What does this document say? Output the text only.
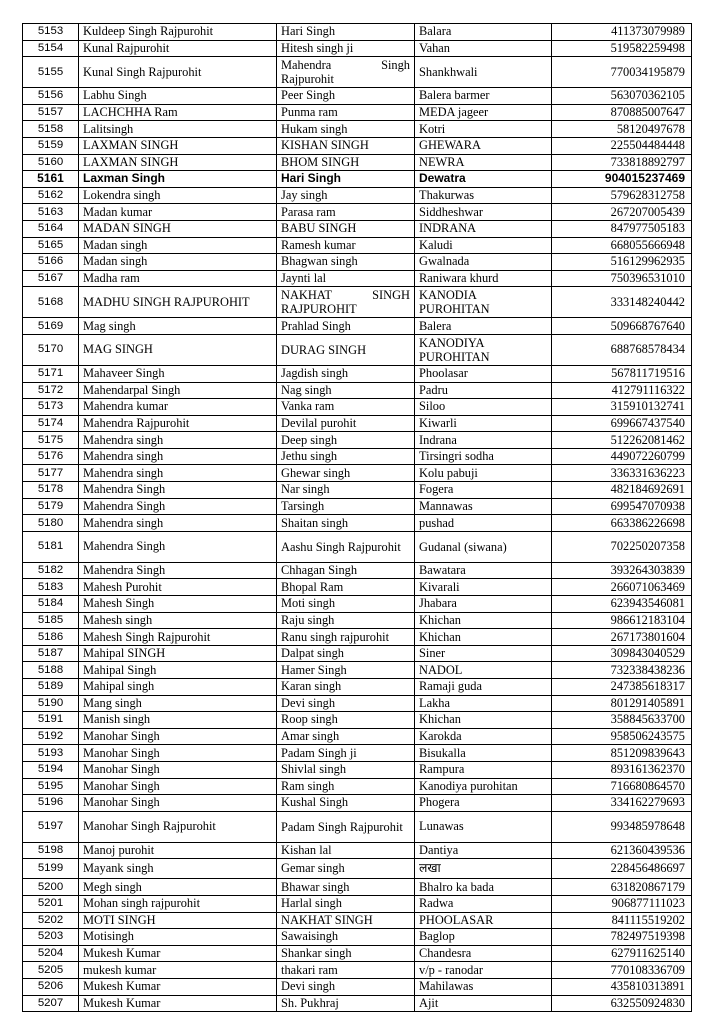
5153	Kuldeep Singh Rajpurohit	Hari Singh	Balara	411373079989
5154	Kunal Rajpurohit	Hitesh singh ji	Vahan	519582259498
5155	Kunal Singh Rajpurohit	Mahendra Singh Rajpurohit	Shankhwali	770034195879
5156	Labhu Singh	Peer Singh	Balera barmer	563070362105
5157	LACHCHHA Ram	Punma ram	MEDA jageer	870885007647
5158	Lalitsingh	Hukam singh	Kotri	58120497678
5159	LAXMAN SINGH	KISHAN SINGH	GHEWARA	225504484448
5160	LAXMAN SINGH	BHOM SINGH	NEWRA	733818892797
5161	Laxman Singh	Hari Singh	Dewatra	904015237469
5162	Lokendra singh	Jay singh	Thakurwas	579628312758
5163	Madan kumar	Parasa ram	Siddheshwar	267207005439
5164	MADAN SINGH	BABU SINGH	INDRANA	847977505183
5165	Madan singh	Ramesh kumar	Kaludi	668055666948
5166	Madan singh	Bhagwan singh	Gwalnada	516129962935
5167	Madha ram	Jaynti lal	Raniwara khurd	750396531010
5168	MADHU SINGH RAJPUROHIT	NAKHAT SINGH RAJPUROHIT	KANODIA PUROHITAN	333148240442
5169	Mag singh	Prahlad Singh	Balera	509668767640
5170	MAG SINGH	DURAG SINGH	KANODIYA PUROHITAN	688768578434
5171	Mahaveer Singh	Jagdish singh	Phoolasar	567811719516
5172	Mahendarpal Singh	Nag singh	Padru	412791116322
5173	Mahendra kumar	Vanka ram	Siloo	315910132741
5174	Mahendra Rajpurohit	Devilal purohit	Kiwarli	699667437540
5175	Mahendra singh	Deep singh	Indrana	512262081462
5176	Mahendra singh	Jethu singh	Tirsingri sodha	449072260799
5177	Mahendra singh	Ghewar singh	Kolu pabuji	336331636223
5178	Mahendra Singh	Nar singh	Fogera	482184692691
5179	Mahendra Singh	Tarsingh	Mannawas	699547070938
5180	Mahendra singh	Shaitan singh	pushad	663386226698
5181	Mahendra Singh	Aashu Singh Rajpurohit	Gudanal (siwana)	702250207358
5182	Mahendra Singh	Chhagan Singh	Bawatara	393264303839
5183	Mahesh Purohit	Bhopal Ram	Kivarali	266071063469
5184	Mahesh Singh	Moti singh	Jhabara	623943546081
5185	Mahesh singh	Raju singh	Khichan	986612183104
5186	Mahesh Singh Rajpurohit	Ranu singh rajpurohit	Khichan	267173801604
5187	Mahipal SINGH	Dalpat singh	Siner	309843040529
5188	Mahipal Singh	Hamer Singh	NADOL	732338438236
5189	Mahipal singh	Karan singh	Ramaji guda	247385618317
5190	Mang singh	Devi singh	Lakha	801291405891
5191	Manish singh	Roop singh	Khichan	358845633700
5192	Manohar Singh	Amar singh	Karokda	958506243575
5193	Manohar Singh	Padam Singh ji	Bisukalla	851209839643
5194	Manohar Singh	Shivlal singh	Rampura	893161362370
5195	Manohar Singh	Ram singh	Kanodiya purohitan	716680864570
5196	Manohar Singh	Kushal Singh	Phogera	334162279693
5197	Manohar Singh Rajpurohit	Padam Singh Rajpurohit	Lunawas	993485978648
5198	Manoj purohit	Kishan lal	Dantiya	621360439536
5199	Mayank singh	Gemar singh	लखा	228456486697
5200	Megh singh	Bhawar singh	Bhalro ka bada	631820867179
5201	Mohan singh rajpurohit	Harlal singh	Radwa	906877111023
5202	MOTI SINGH	NAKHAT SINGH	PHOOLASAR	841115519202
5203	Motisingh	Sawaisingh	Baglop	782497519398
5204	Mukesh Kumar	Shankar singh	Chandesra	627911625140
5205	mukesh kumar	thakari ram	v/p - ranodar	770108336709
5206	Mukesh Kumar	Devi singh	Mahilawas	435810313891
5207	Mukesh Kumar	Sh. Pukhraj	Ajit	632550924830
